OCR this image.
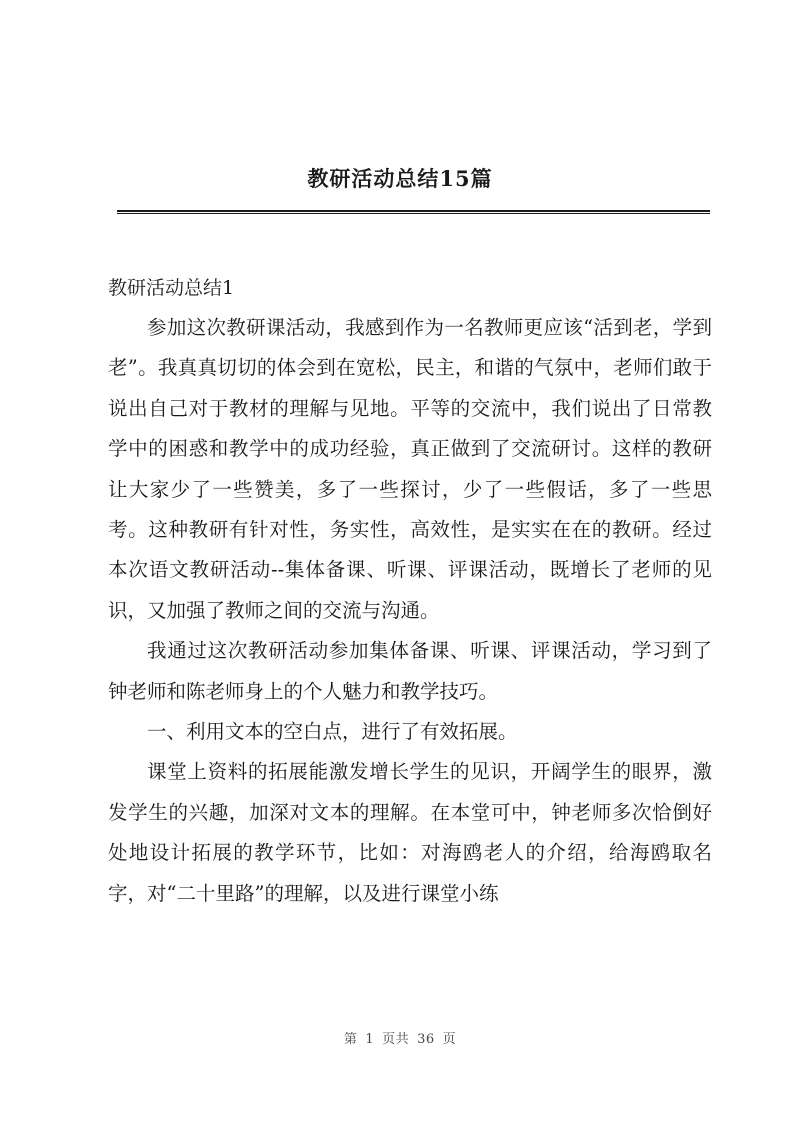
教研活动总结15篇
教研活动总结1

参加这次教研课活动，我感到作为一名教师更应该“活到老，学到老”。我真真切切的体会到在宽松，民主，和谐的气氛中，老师们敢于说出自己对于教材的理解与见地。平等的交流中，我们说出了日常教学中的困惑和教学中的成功经验，真正做到了交流研讨。这样的教研让大家少了一些赞美，多了一些探讨，少了一些假话，多了一些思考。这种教研有针对性，务实性，高效性，是实实在在的教研。经过本次语文教研活动--集体备课、听课、评课活动，既增长了老师的见识，又加强了教师之间的交流与沟通。

我通过这次教研活动参加集体备课、听课、评课活动，学习到了钟老师和陈老师身上的个人魅力和教学技巧。

一、利用文本的空白点，进行了有效拓展。

课堂上资料的拓展能激发增长学生的见识，开阔学生的眼界，激发学生的兴趣，加深对文本的理解。在本堂可中，钟老师多次恰倒好处地设计拓展的教学环节，比如：对海鸥老人的介绍，给海鸥取名字，对“二十里路”的理解，以及进行课堂小练

第 1 页共 36 页
